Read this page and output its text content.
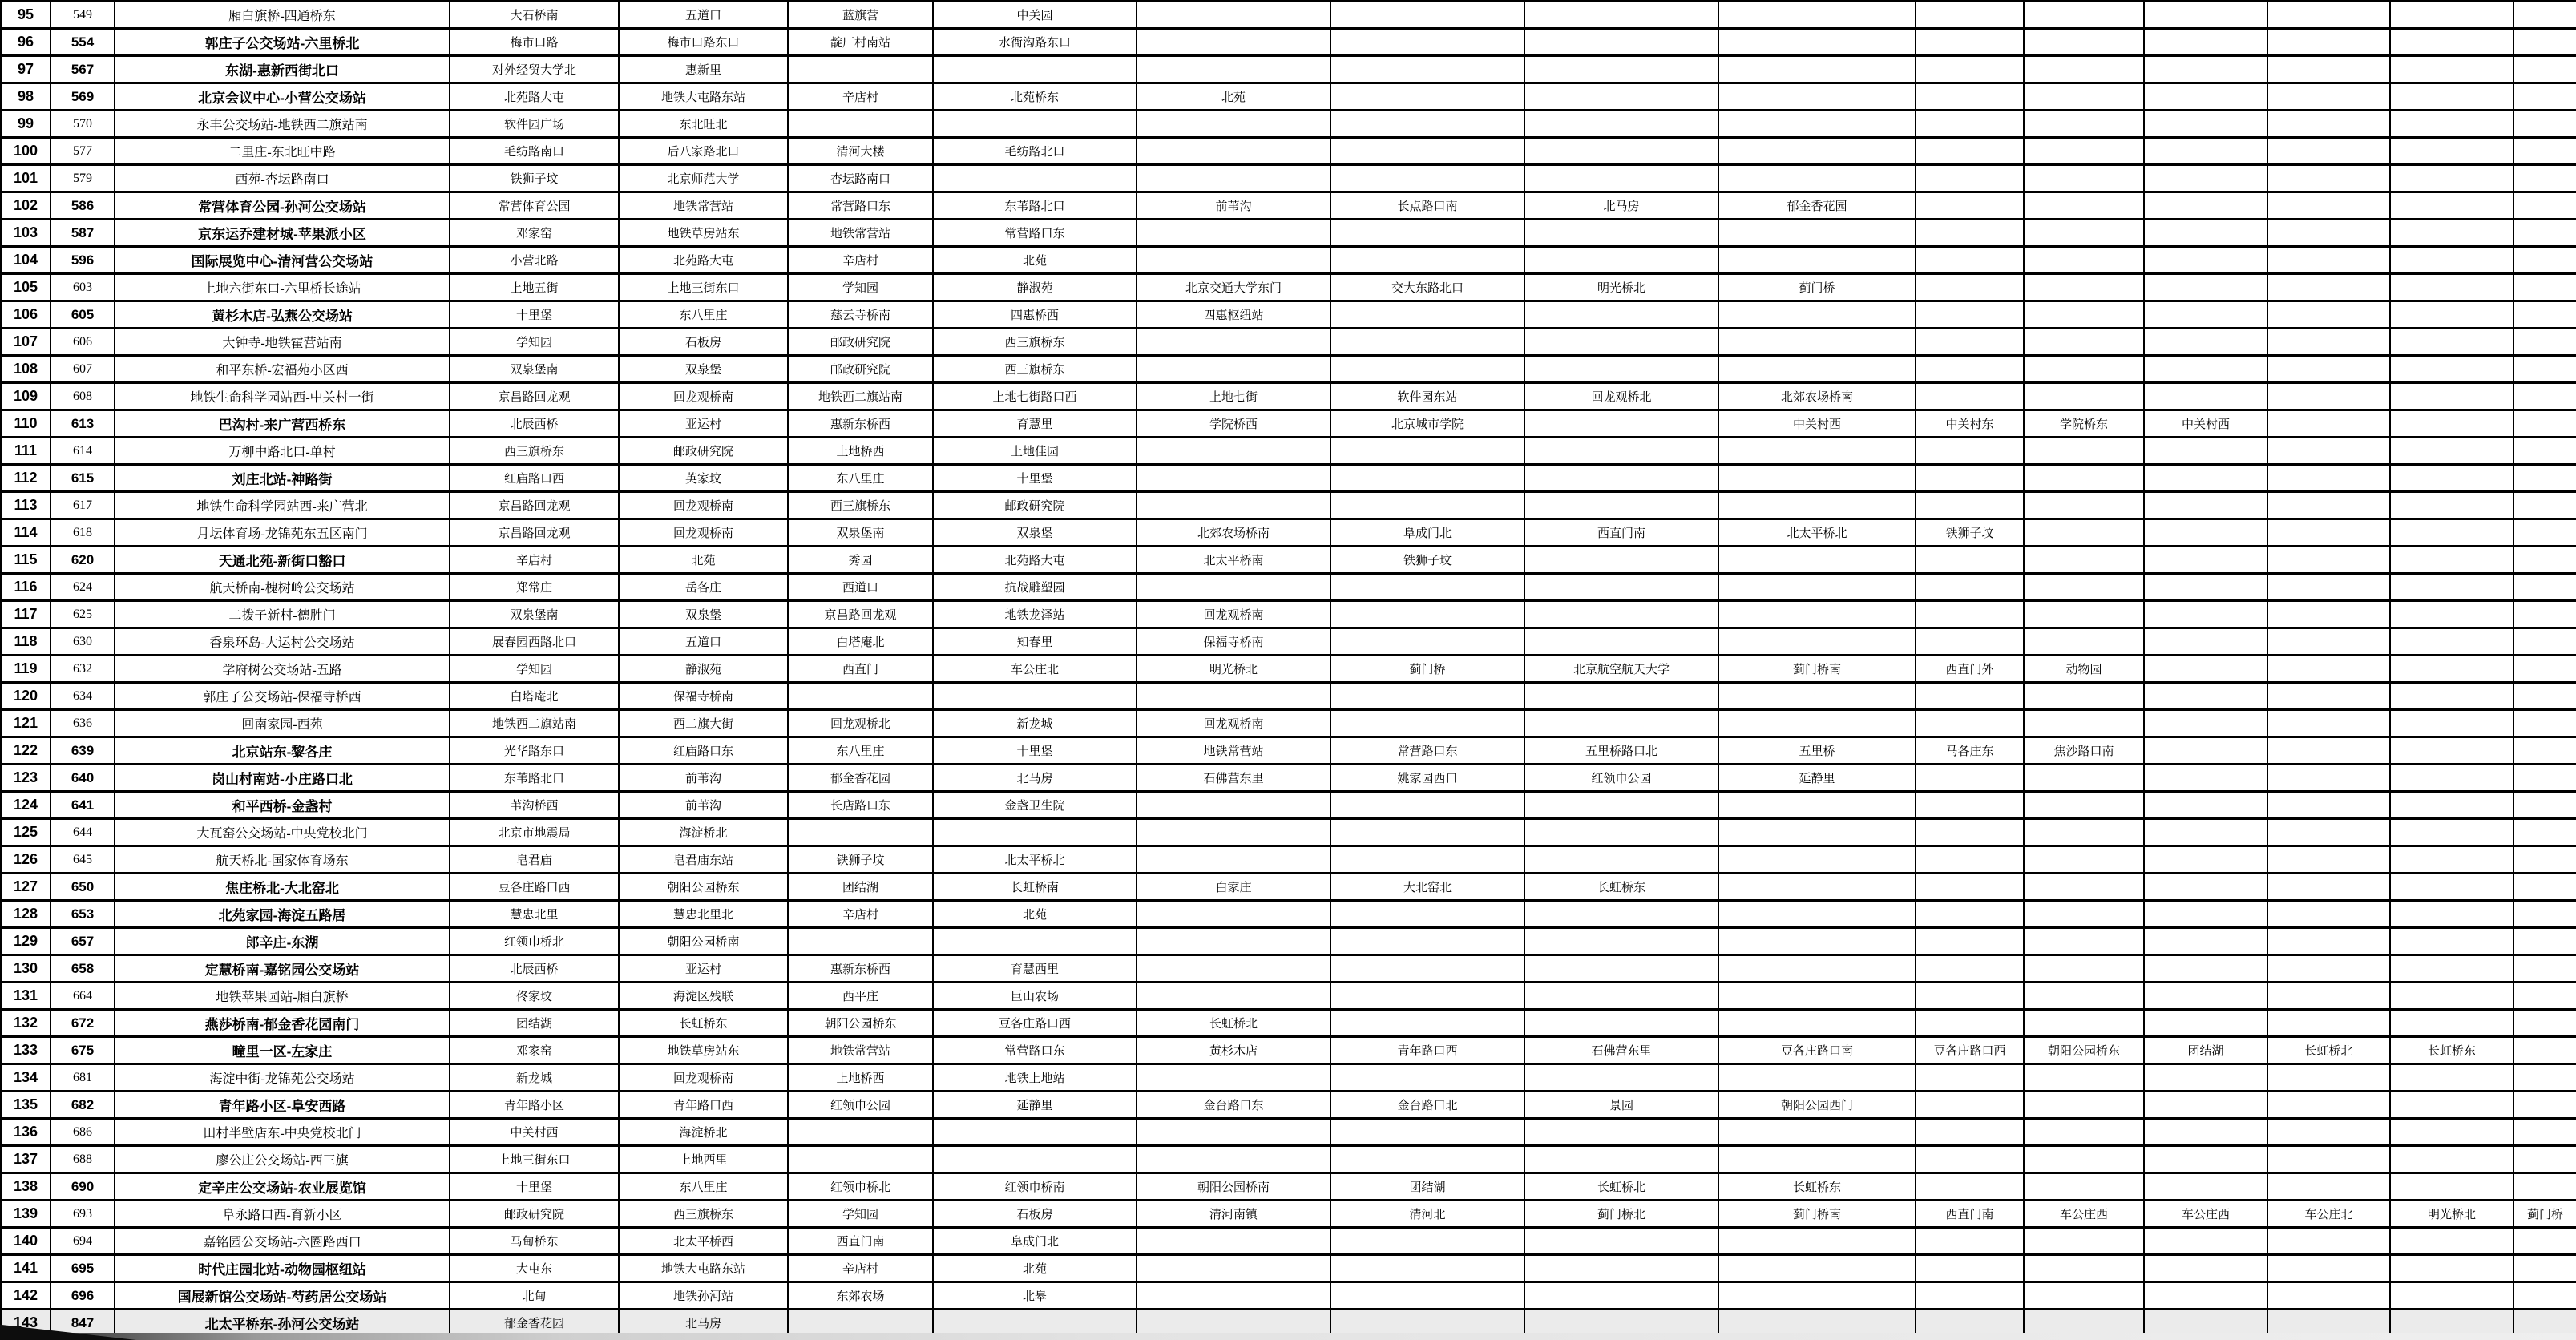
95	549	厢白旗桥-四通桥东	大石桥南	五道口	蓝旗营	中关园										
96	554	郭庄子公交场站-六里桥北	梅市口路	梅市口路东口	靛厂村南站	水衙沟路东口										
97	567	东湖-惠新西街北口	对外经贸大学北	惠新里												
98	569	北京会议中心-小营公交场站	北苑路大屯	地铁大屯路东站	辛店村	北苑桥东	北苑									
99	570	永丰公交场站-地铁西二旗站南	软件园广场	东北旺北												
100	577	二里庄-东北旺中路	毛纺路南口	后八家路北口	清河大楼	毛纺路北口										
101	579	西苑-杏坛路南口	铁狮子坟	北京师范大学	杏坛路南口											
102	586	常营体育公园-孙河公交场站	常营体育公园	地铁常营站	常营路口东	东苇路北口	前苇沟	长点路口南	北马房	郁金香花园						
103	587	京东运乔建材城-苹果派小区	邓家窑	地铁草房站东	地铁常营站	常营路口东										
104	596	国际展览中心-清河营公交场站	小营北路	北苑路大屯	辛店村	北苑										
105	603	上地六街东口-六里桥长途站	上地五街	上地三街东口	学知园	静淑苑	北京交通大学东门	交大东路北口	明光桥北	蓟门桥						
106	605	黄杉木店-弘燕公交场站	十里堡	东八里庄	慈云寺桥南	四惠桥西	四惠枢纽站									
107	606	大钟寺-地铁霍营站南	学知园	石板房	邮政研究院	西三旗桥东										
108	607	和平东桥-宏福苑小区西	双泉堡南	双泉堡	邮政研究院	西三旗桥东										
109	608	地铁生命科学园站西-中关村一街	京昌路回龙观	回龙观桥南	地铁西二旗站南	上地七街路口西	上地七街	软件园东站	回龙观桥北	北郊农场桥南						
110	613	巴沟村-来广营西桥东	北辰西桥	亚运村	惠新东桥西	育慧里	学院桥西	北京城市学院		中关村西	中关村东	学院桥东	中关村西			
111	614	万柳中路北口-单村	西三旗桥东	邮政研究院	上地桥西	上地佳园										
112	615	刘庄北站-神路街	红庙路口西	英家坟	东八里庄	十里堡										
113	617	地铁生命科学园站西-来广营北	京昌路回龙观	回龙观桥南	西三旗桥东	邮政研究院										
114	618	月坛体育场-龙锦苑东五区南门	京昌路回龙观	回龙观桥南	双泉堡南	双泉堡	北郊农场桥南	阜成门北	西直门南	北太平桥北	铁狮子坟					
115	620	天通北苑-新街口豁口	辛店村	北苑	秀园	北苑路大屯	北太平桥南	铁狮子坟								
116	624	航天桥南-槐树岭公交场站	郑常庄	岳各庄	西道口	抗战雕塑园										
117	625	二拨子新村-德胜门	双泉堡南	双泉堡	京昌路回龙观	地铁龙泽站	回龙观桥南									
118	630	香泉环岛-大运村公交场站	展春园西路北口	五道口	白塔庵北	知春里	保福寺桥南									
119	632	学府树公交场站-五路	学知园	静淑苑	西直门	车公庄北	明光桥北	蓟门桥	北京航空航天大学	蓟门桥南	西直门外	动物园				
120	634	郭庄子公交场站-保福寺桥西	白塔庵北	保福寺桥南												
121	636	回南家园-西苑	地铁西二旗站南	西二旗大街	回龙观桥北	新龙城	回龙观桥南									
122	639	北京站东-黎各庄	光华路东口	红庙路口东	东八里庄	十里堡	地铁常营站	常营路口东	五里桥路口北	五里桥	马各庄东	焦沙路口南				
123	640	岗山村南站-小庄路口北	东苇路北口	前苇沟	郁金香花园	北马房	石佛营东里	姚家园西口	红领巾公园	延静里						
124	641	和平西桥-金盏村	苇沟桥西	前苇沟	长店路口东	金盏卫生院										
125	644	大瓦窑公交场站-中央党校北门	北京市地震局	海淀桥北												
126	645	航天桥北-国家体育场东	皂君庙	皂君庙东站	铁狮子坟	北太平桥北										
127	650	焦庄桥北-大北窑北	豆各庄路口西	朝阳公园桥东	团结湖	长虹桥南	白家庄	大北窑北	长虹桥东							
128	653	北苑家园-海淀五路居	慧忠北里	慧忠北里北	辛店村	北苑										
129	657	郎辛庄-东湖	红领巾桥北	朝阳公园桥南												
130	658	定慧桥南-嘉铭园公交场站	北辰西桥	亚运村	惠新东桥西	育慧西里										
131	664	地铁苹果园站-厢白旗桥	佟家坟	海淀区残联	西平庄	巨山农场										
132	672	燕莎桥南-郁金香花园南门	团结湖	长虹桥东	朝阳公园桥东	豆各庄路口西	长虹桥北									
133	675	疃里一区-左家庄	邓家窑	地铁草房站东	地铁常营站	常营路口东	黄杉木店	青年路口西	石佛营东里	豆各庄路口南	豆各庄路口西	朝阳公园桥东	团结湖	长虹桥北	长虹桥东	
134	681	海淀中街-龙锦苑公交场站	新龙城	回龙观桥南	上地桥西	地铁上地站										
135	682	青年路小区-阜安西路	青年路小区	青年路口西	红领巾公园	延静里	金台路口东	金台路口北	景园	朝阳公园西门						
136	686	田村半壁店东-中央党校北门	中关村西	海淀桥北												
137	688	廖公庄公交场站-西三旗	上地三街东口	上地西里												
138	690	定辛庄公交场站-农业展览馆	十里堡	东八里庄	红领巾桥北	红领巾桥南	朝阳公园桥南	团结湖	长虹桥北	长虹桥东						
139	693	阜永路口西-育新小区	邮政研究院	西三旗桥东	学知园	石板房	清河南镇	清河北	蓟门桥北	蓟门桥南	西直门南	车公庄西	车公庄西	车公庄北	明光桥北	蓟门桥
140	694	嘉铭园公交场站-六圈路西口	马甸桥东	北太平桥西	西直门南	阜成门北										
141	695	时代庄园北站-动物园枢纽站	大屯东	地铁大屯路东站	辛店村	北苑										
142	696	国展新馆公交场站-芍药居公交场站	北甸	地铁孙河站	东郊农场	北皋										
143	847	北太平桥东-孙河公交场站	郁金香花园	北马房												
